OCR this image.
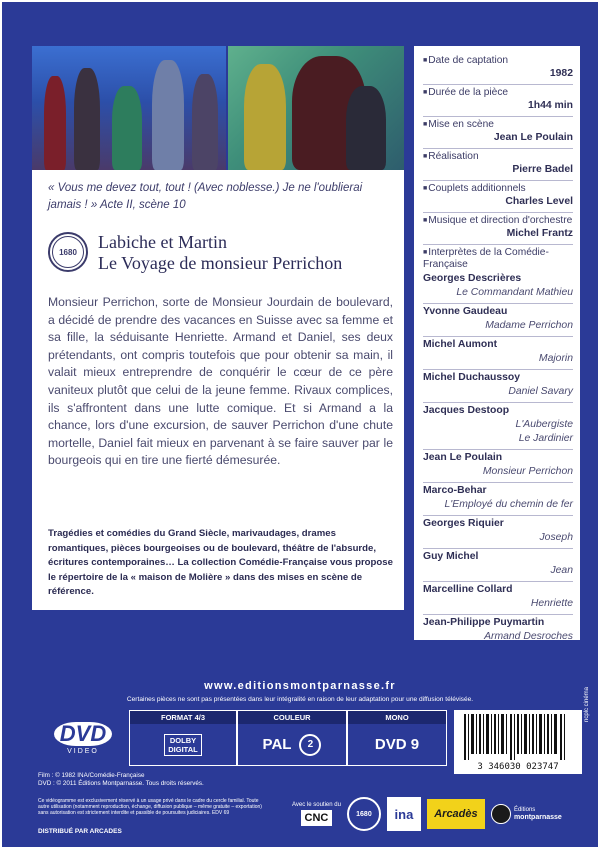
« Vous me devez tout, tout ! (Avec noblesse.) Je ne l'oublierai jamais ! » Acte II, scène 10
1680 Labiche et Martin
Le Voyage de monsieur Perrichon
Monsieur Perrichon, sorte de Monsieur Jourdain de boulevard, a décidé de prendre des vacances en Suisse avec sa femme et sa fille, la séduisante Henriette. Armand et Daniel, ses deux prétendants, ont compris toutefois que pour obtenir sa main, il valait mieux entreprendre de conquérir le cœur de ce père vaniteux plutôt que celui de la jeune femme. Rivaux complices, ils s'affrontent dans une lutte comique. Et si Armand a la chance, lors d'une excursion, de sauver Perrichon d'une chute mortelle, Daniel fait mieux en parvenant à se faire sauver par le bourgeois qui en tire une fierté démesurée.
Tragédies et comédies du Grand Siècle, marivaudages, drames romantiques, pièces bourgeoises ou de boulevard, théâtre de l'absurde, écritures contemporaines… La collection Comédie-Française vous propose le répertoire de la « maison de Molière » dans des mises en scène de référence.
■ Date de captation
1982
■ Durée de la pièce
1h44 min
■ Mise en scène
Jean Le Poulain
■ Réalisation
Pierre Badel
■ Couplets additionnels
Charles Level
■ Musique et direction d'orchestre
Michel Frantz
■ Interprètes de la Comédie-Française
Georges Descrières
Le Commandant Mathieu
Yvonne Gaudeau
Madame Perrichon
Michel Aumont
Majorin
Michel Duchaussoy
Daniel Savary
Jacques Destoop
L'Aubergiste
Le Jardinier
Jean Le Poulain
Monsieur Perrichon
Marco-Behar
L'Employé du chemin de fer
Georges Riquier
Joseph
Guy Michel
Jean
Marcelline Collard
Henriette
Jean-Philippe Puymartin
Armand Desroches
www.editionsmontparnasse.fr
Certaines pièces ne sont pas présentées dans leur intégralité en raison de leur adaptation pour une diffusion télévisée.
DVD
VIDEO
FORMAT 4/3
DOLBY
DIGITAL
COULEUR
PAL	2
MONO
DVD 9
3 346030 023747
Film : © 1982 INA/Comédie-Française
DVD : © 2011 Éditions Montparnasse. Tous droits réservés.
Ce vidéogramme est exclusivement réservé à un usage privé dans le cadre du cercle familial. Toute autre utilisation (notamment reproduction, échange, diffusion publique – même gratuite – exportation) sans autorisation est strictement interdite et passible de poursuites judiciaires. EDV 69
DISTRIBUÉ PAR ARCADES
Avec le soutien du
CNC	1680	ina	Arcadès	Éditions
montparnasse
ncplc cinéma
